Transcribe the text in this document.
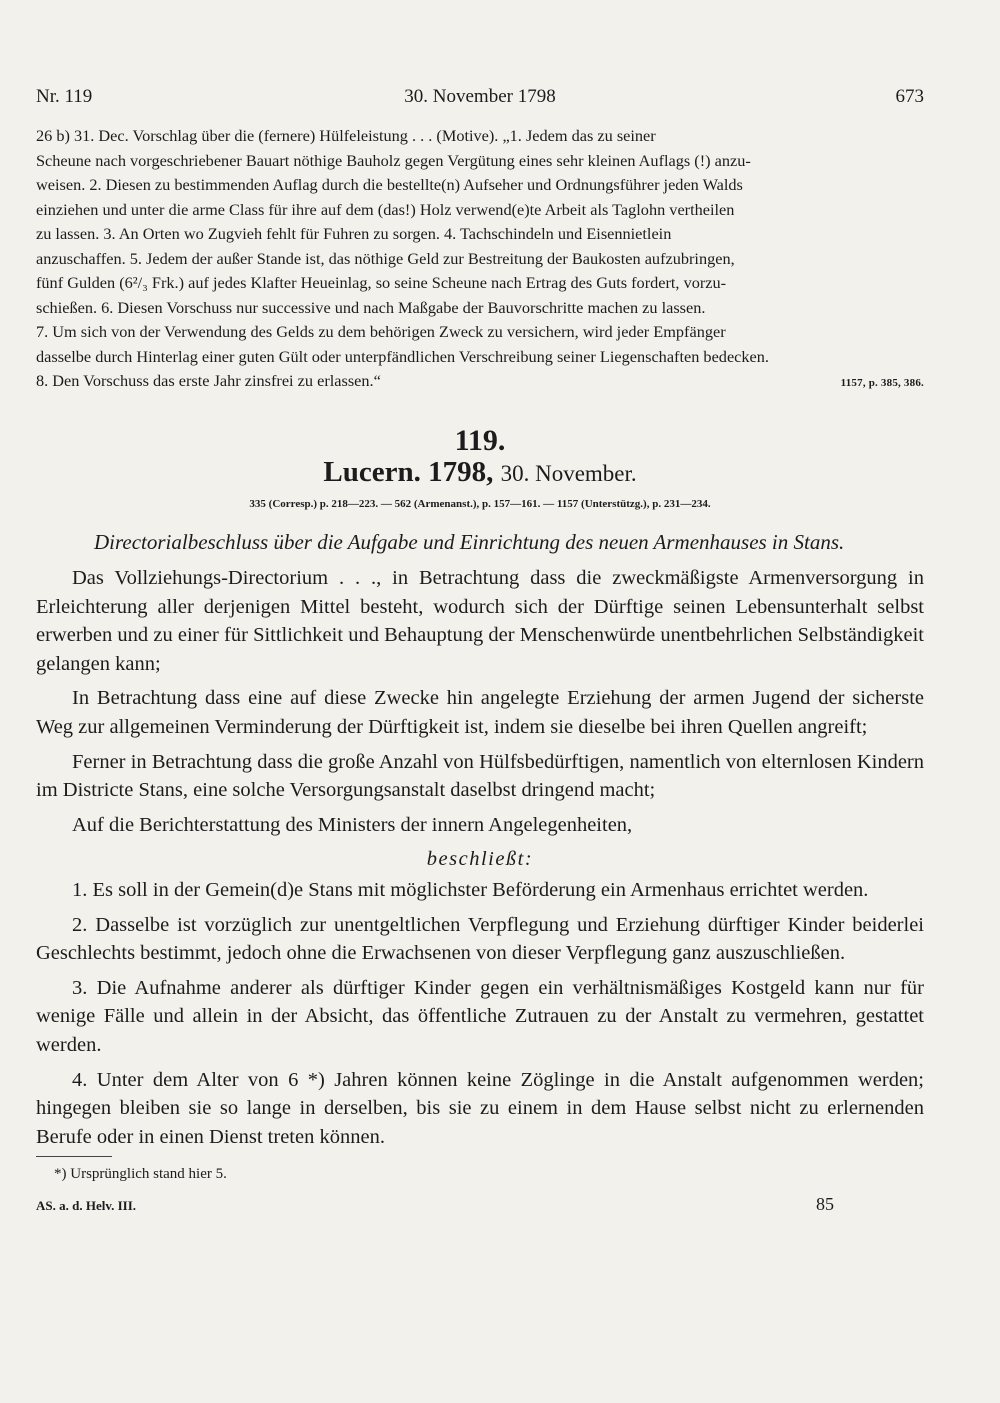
Nr. 119	30. November 1798	673

26 b) 31. Dec. Vorschlag über die (fernere) Hülfeleistung . . . (Motive). „1. Jedem das zu seiner

Scheune nach vorgeschriebener Bauart nöthige Bauholz gegen Vergütung eines sehr kleinen Auflags (!) anzu-

weisen. 2. Diesen zu bestimmenden Auflag durch die bestellte(n) Aufseher und Ordnungsführer jeden Walds

einziehen und unter die arme Class für ihre auf dem (das!) Holz verwend(e)te Arbeit als Taglohn vertheilen

zu lassen. 3. An Orten wo Zugvieh fehlt für Fuhren zu sorgen. 4. Tachschindeln und Eisennietlein

anzuschaffen. 5. Jedem der außer Stande ist, das nöthige Geld zur Bestreitung der Baukosten aufzubringen,

fünf Gulden (6²/₃ Frk.) auf jedes Klafter Heueinlag, so seine Scheune nach Ertrag des Guts fordert, vorzu-

schießen. 6. Diesen Vorschuss nur successive und nach Maßgabe der Bauvorschritte machen zu lassen.

7. Um sich von der Verwendung des Gelds zu dem behörigen Zweck zu versichern, wird jeder Empfänger

dasselbe durch Hinterlag einer guten Gült oder unterpfändlichen Verschreibung seiner Liegenschaften bedecken.

8. Den Vorschuss das erste Jahr zinsfrei zu erlassen.“	1157, p. 385, 386.
119.
Lucern. 1798, 30. November.
335 (Corresp.) p. 218—223. — 562 (Armenanst.), p. 157—161. — 1157 (Unterstützg.), p. 231—234.
Directorialbeschluss über die Aufgabe und Einrichtung des neuen Armenhauses in Stans.

Das Vollziehungs-Directorium . . ., in Betrachtung dass die zweckmäßigste Armenversorgung in Erleichterung aller derjenigen Mittel besteht, wodurch sich der Dürftige seinen Lebensunterhalt selbst erwerben und zu einer für Sittlichkeit und Behauptung der Menschenwürde unentbehrlichen Selbständigkeit gelangen kann;

In Betrachtung dass eine auf diese Zwecke hin angelegte Erziehung der armen Jugend der sicherste Weg zur allgemeinen Verminderung der Dürftigkeit ist, indem sie dieselbe bei ihren Quellen angreift;

Ferner in Betrachtung dass die große Anzahl von Hülfsbedürftigen, namentlich von elternlosen Kindern im Districte Stans, eine solche Versorgungsanstalt daselbst dringend macht;

Auf die Berichterstattung des Ministers der innern Angelegenheiten,

beschließt:

1. Es soll in der Gemein(d)e Stans mit möglichster Beförderung ein Armenhaus errichtet werden.

2. Dasselbe ist vorzüglich zur unentgeltlichen Verpflegung und Erziehung dürftiger Kinder beiderlei Geschlechts bestimmt, jedoch ohne die Erwachsenen von dieser Verpflegung ganz auszuschließen.

3. Die Aufnahme anderer als dürftiger Kinder gegen ein verhältnismäßiges Kostgeld kann nur für wenige Fälle und allein in der Absicht, das öffentliche Zutrauen zu der Anstalt zu vermehren, gestattet werden.

4. Unter dem Alter von 6 *) Jahren können keine Zöglinge in die Anstalt aufgenommen werden; hingegen bleiben sie so lange in derselben, bis sie zu einem in dem Hause selbst nicht zu erlernenden Berufe oder in einen Dienst treten können.

*) Ursprünglich stand hier 5.
AS. a. d. Helv. III.	85
